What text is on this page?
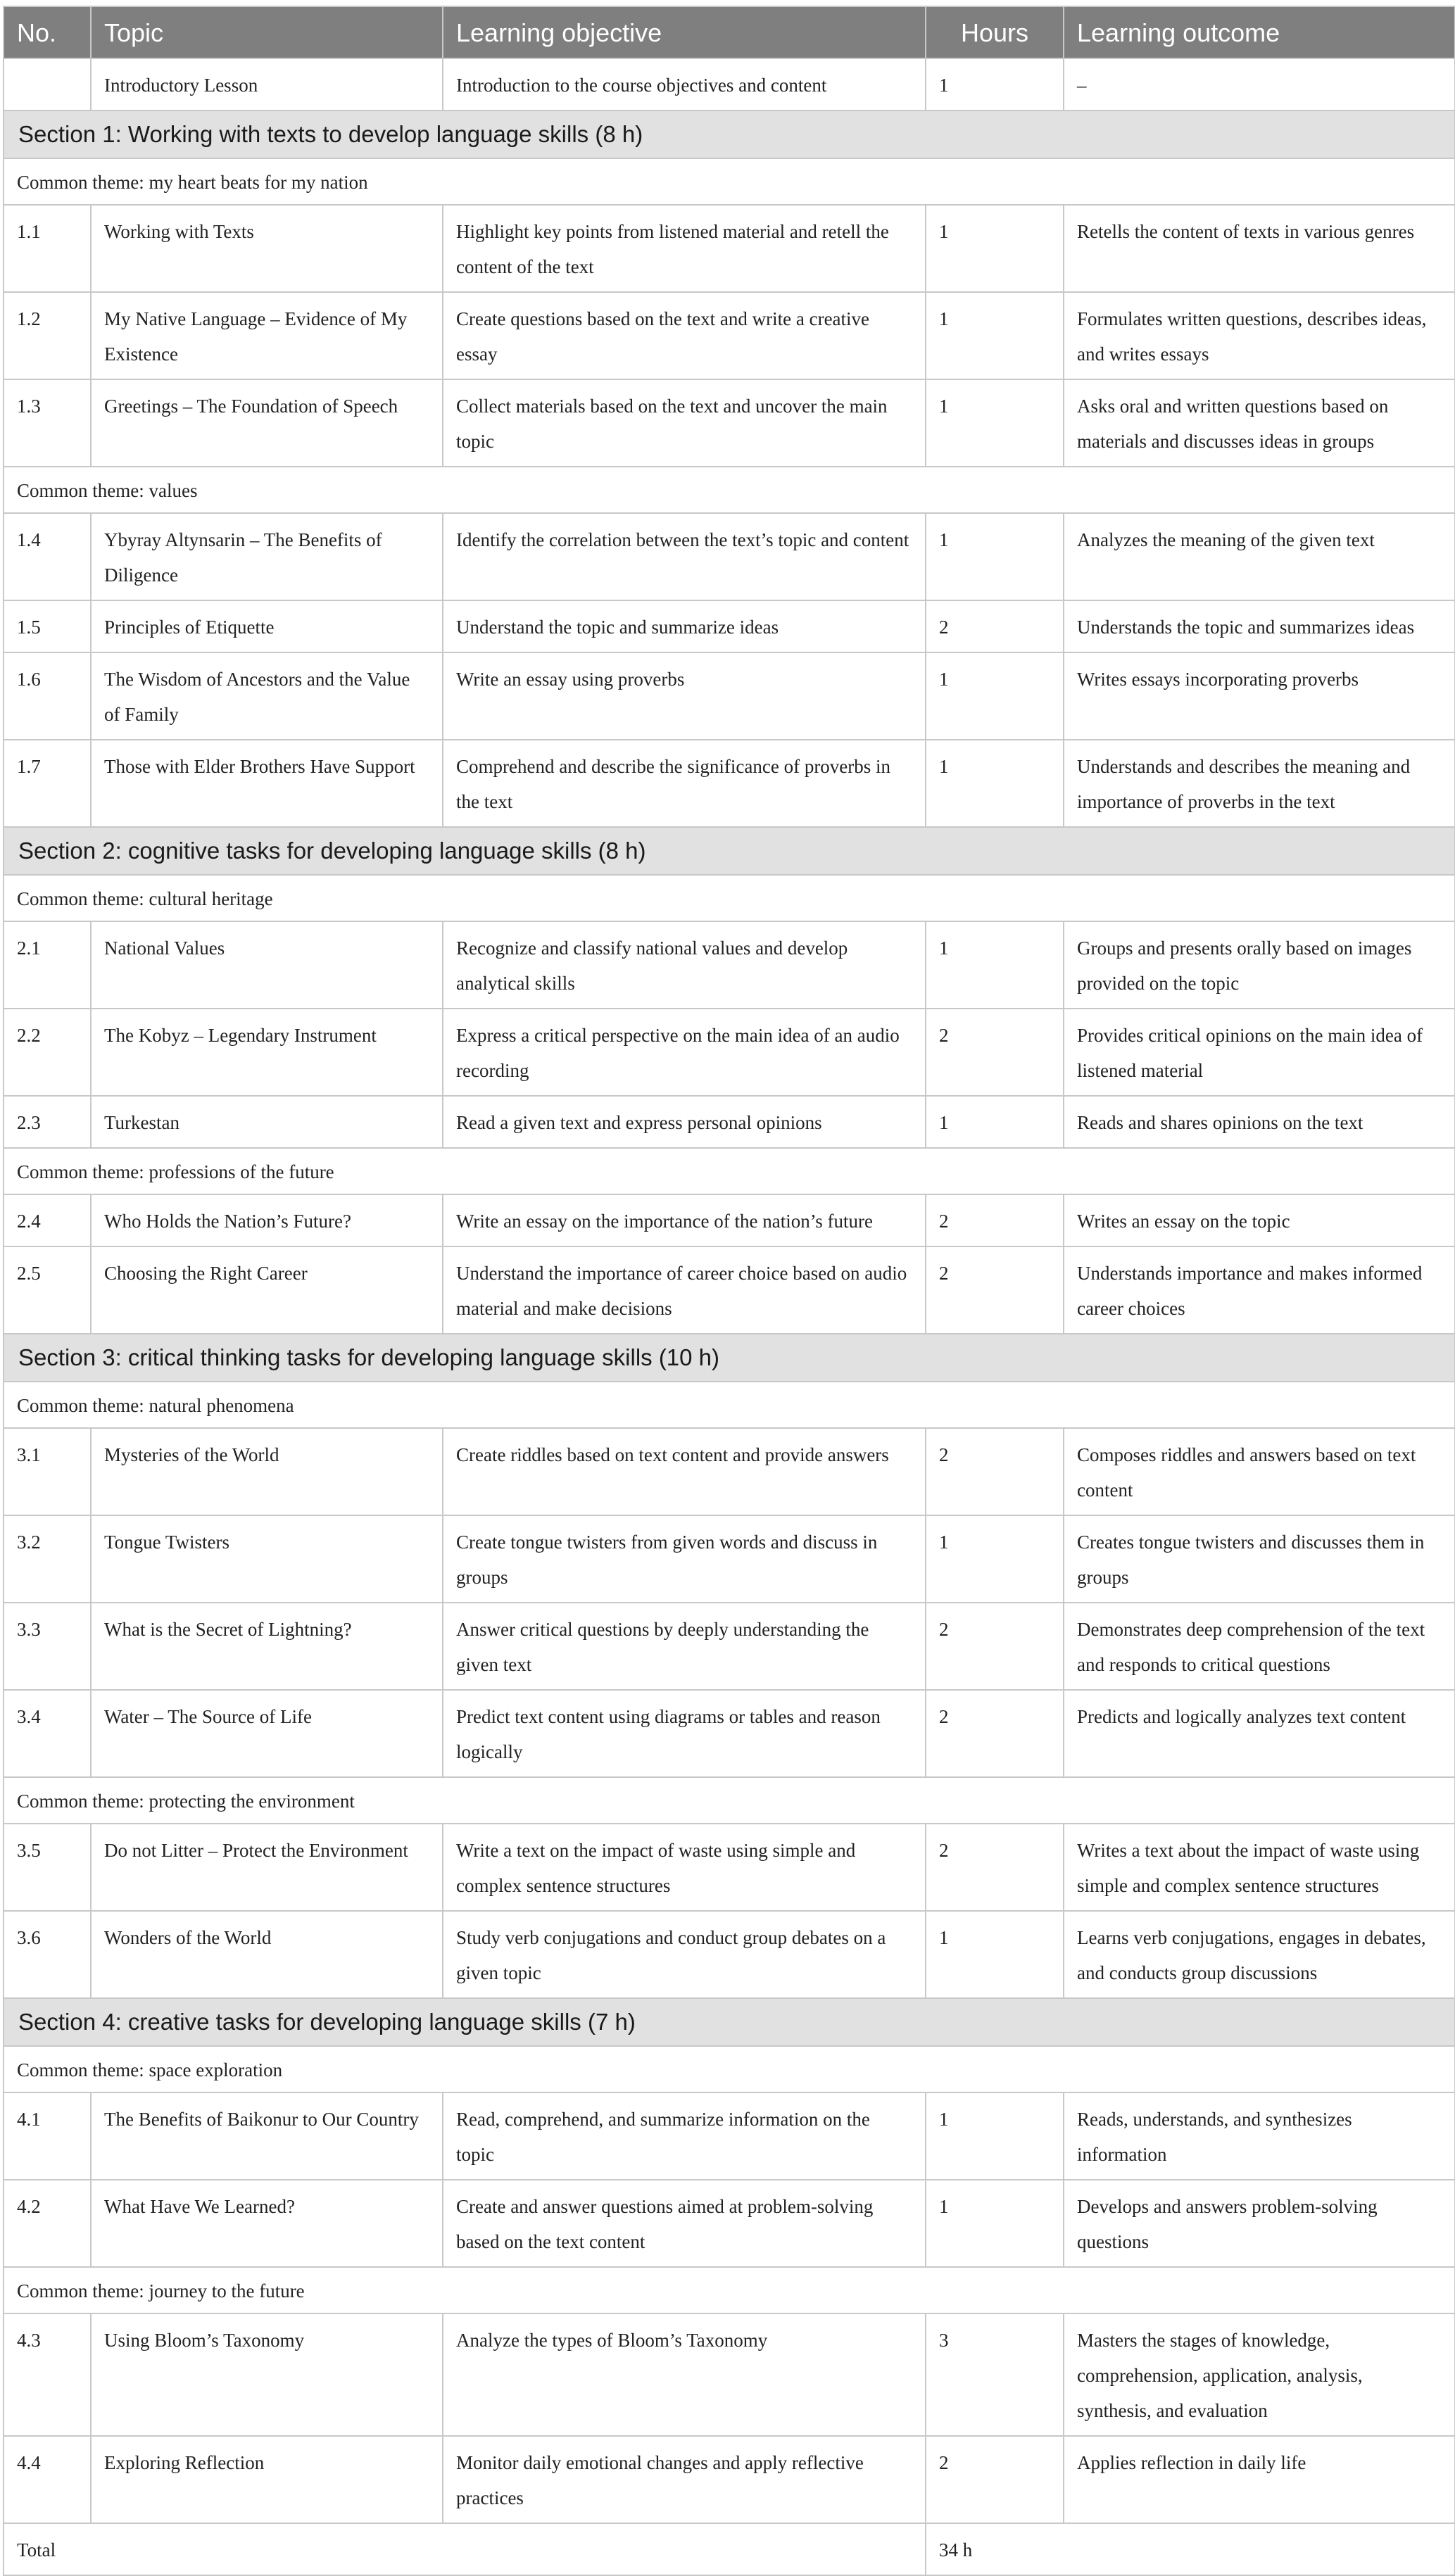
No.	Topic	Learning objective	Hours	Learning outcome
	Introductory Lesson	Introduction to the course objectives and content	1	–
Section 1: Working with texts to develop language skills (8 h)				
Common theme: my heart beats for my nation				
1.1	Working with Texts	Highlight key points from listened material and retell the content of the text	1	Retells the content of texts in various genres
1.2	My Native Language – Evidence of My Existence	Create questions based on the text and write a creative essay	1	Formulates written questions, describes ideas, and writes essays
1.3	Greetings – The Foundation of Speech	Collect materials based on the text and uncover the main topic	1	Asks oral and written questions based on materials and discusses ideas in groups
Common theme: values				
1.4	Ybyray Altynsarin – The Benefits of Diligence	Identify the correlation between the text’s topic and content	1	Analyzes the meaning of the given text
1.5	Principles of Etiquette	Understand the topic and summarize ideas	2	Understands the topic and summarizes ideas
1.6	The Wisdom of Ancestors and the Value of Family	Write an essay using proverbs	1	Writes essays incorporating proverbs
1.7	Those with Elder Brothers Have Support	Comprehend and describe the significance of proverbs in the text	1	Understands and describes the meaning and importance of proverbs in the text
Section 2: cognitive tasks for developing language skills (8 h)				
Common theme: cultural heritage				
2.1	National Values	Recognize and classify national values and develop analytical skills	1	Groups and presents orally based on images provided on the topic
2.2	The Kobyz – Legendary Instrument	Express a critical perspective on the main idea of an audio recording	2	Provides critical opinions on the main idea of listened material
2.3	Turkestan	Read a given text and express personal opinions	1	Reads and shares opinions on the text
Common theme: professions of the future				
2.4	Who Holds the Nation’s Future?	Write an essay on the importance of the nation’s future	2	Writes an essay on the topic
2.5	Choosing the Right Career	Understand the importance of career choice based on audio material and make decisions	2	Understands importance and makes informed career choices
Section 3: critical thinking tasks for developing language skills (10 h)				
Common theme: natural phenomena				
3.1	Mysteries of the World	Create riddles based on text content and provide answers	2	Composes riddles and answers based on text content
3.2	Tongue Twisters	Create tongue twisters from given words and discuss in groups	1	Creates tongue twisters and discusses them in groups
3.3	What is the Secret of Lightning?	Answer critical questions by deeply understanding the given text	2	Demonstrates deep comprehension of the text and responds to critical questions
3.4	Water – The Source of Life	Predict text content using diagrams or tables and reason logically	2	Predicts and logically analyzes text content
Common theme: protecting the environment				
3.5	Do not Litter – Protect the Environment	Write a text on the impact of waste using simple and complex sentence structures	2	Writes a text about the impact of waste using simple and complex sentence structures
3.6	Wonders of the World	Study verb conjugations and conduct group debates on a given topic	1	Learns verb conjugations, engages in debates, and conducts group discussions
Section 4: creative tasks for developing language skills (7 h)				
Common theme: space exploration				
4.1	The Benefits of Baikonur to Our Country	Read, comprehend, and summarize information on the topic	1	Reads, understands, and synthesizes information
4.2	What Have We Learned?	Create and answer questions aimed at problem-solving based on the text content	1	Develops and answers problem-solving questions
Common theme: journey to the future				
4.3	Using Bloom’s Taxonomy	Analyze the types of Bloom’s Taxonomy	3	Masters the stages of knowledge, comprehension, application, analysis, synthesis, and evaluation
4.4	Exploring Reflection	Monitor daily emotional changes and apply reflective practices	2	Applies reflection in daily life
Total			34 h	
